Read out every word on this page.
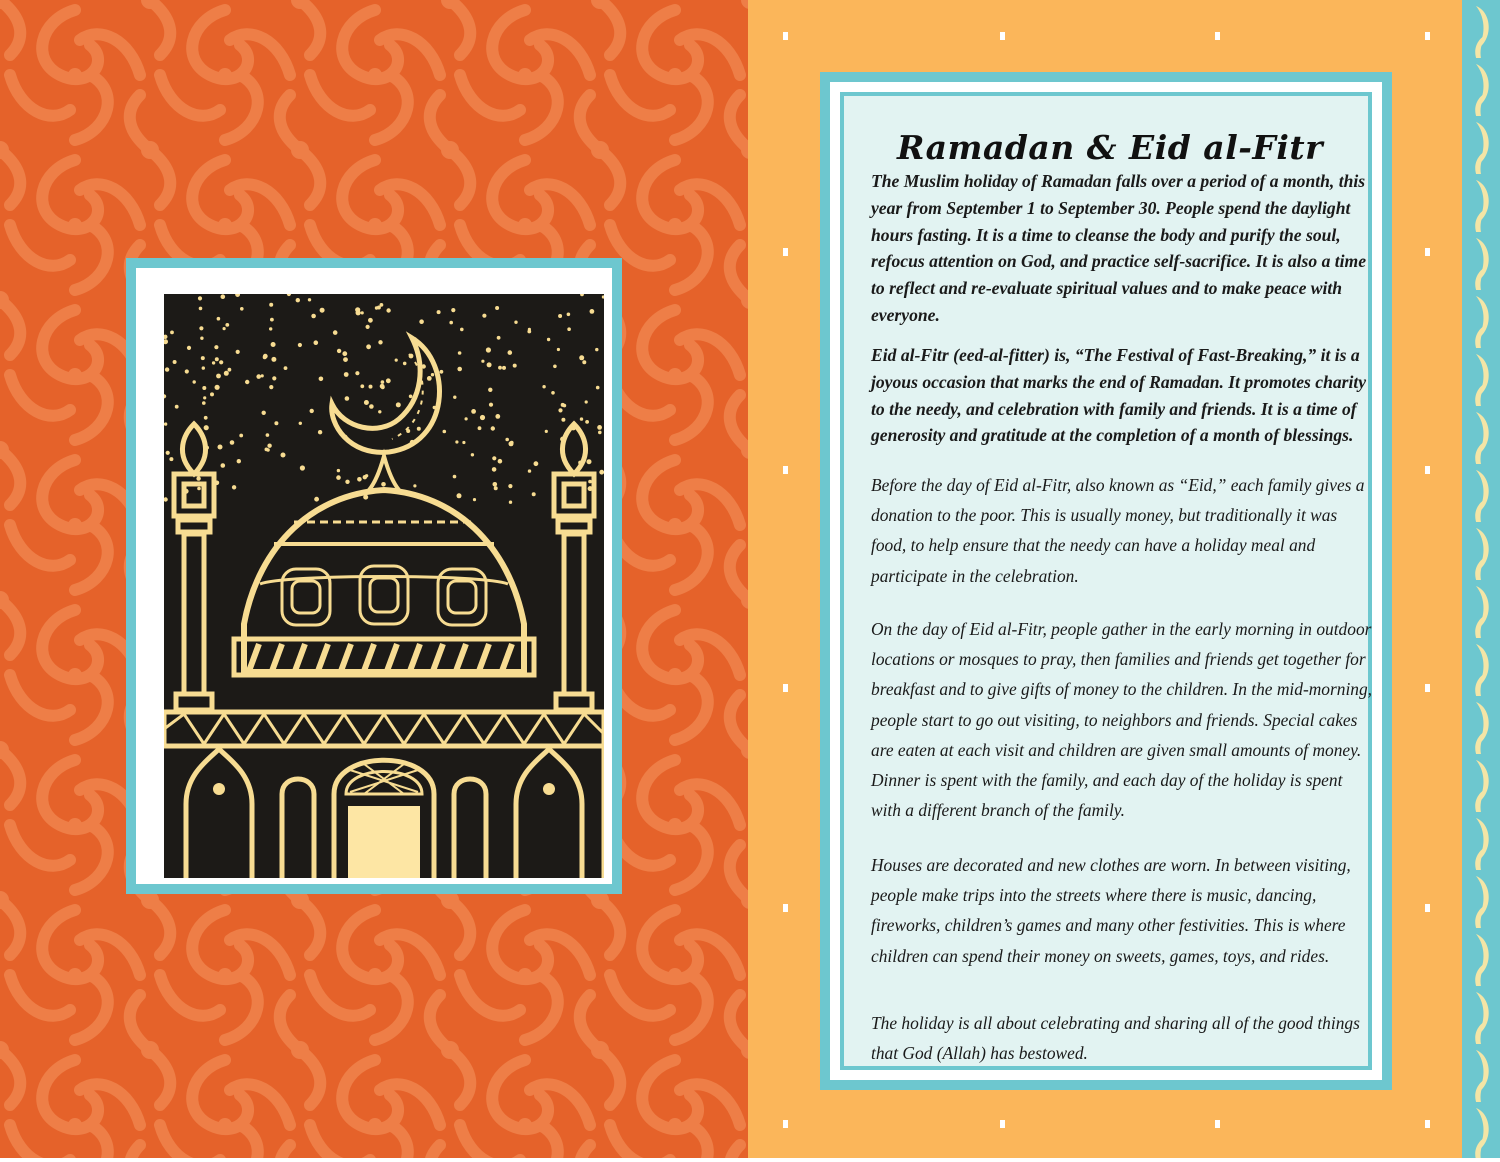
Ramadan & Eid al-Fitr

The Muslim holiday of Ramadan falls over a period of a month, this year from September 1 to September 30. People spend the daylight hours fasting. It is a time to cleanse the body and purify the soul, refocus attention on God, and practice self-sacrifice. It is also a time to reflect and re-evaluate spiritual values and to make peace with everyone.

Eid al-Fitr (eed-al-fitter) is, “The Festival of Fast-Breaking,” it is a joyous occasion that marks the end of Ramadan. It promotes charity to the needy, and celebration with family and friends. It is a time of generosity and gratitude at the completion of a month of blessings.

Before the day of Eid al-Fitr, also known as “Eid,” each family gives a donation to the poor. This is usually money, but traditionally it was food, to help ensure that the needy can have a holiday meal and participate in the celebration.

On the day of Eid al-Fitr, people gather in the early morning in outdoor locations or mosques to pray, then families and friends get together for breakfast and to give gifts of money to the children. In the mid-morning, people start to go out visiting, to neighbors and friends. Special cakes are eaten at each visit and children are given small amounts of money. Dinner is spent with the family, and each day of the holiday is spent with a different branch of the family.

Houses are decorated and new clothes are worn. In between visiting, people make trips into the streets where there is music, dancing, fireworks, children’s games and many other festivities. This is where children can spend their money on sweets, games, toys, and rides.

The holiday is all about celebrating and sharing all of the good things that God (Allah) has bestowed.
